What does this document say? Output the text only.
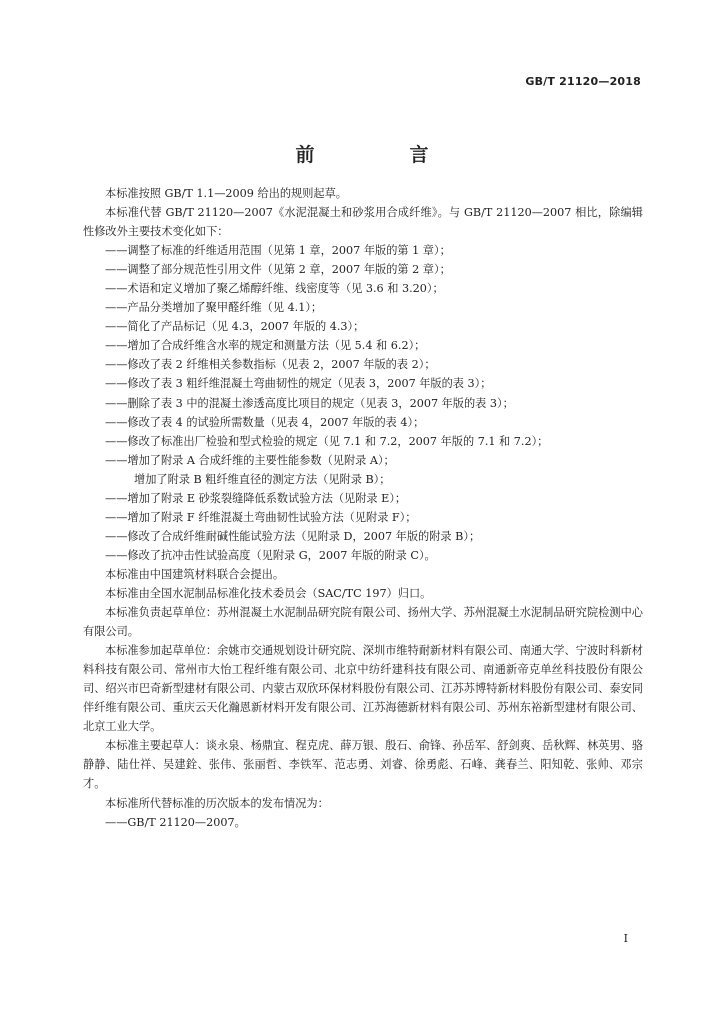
GB/T 21120—2018
前　言

本标准按照 GB/T 1.1—2009 给出的规则起草。

本标准代替 GB/T 21120—2007《水泥混凝土和砂浆用合成纤维》。与 GB/T 21120—2007 相比，除编辑性修改外主要技术变化如下：

——调整了标准的纤维适用范围（见第 1 章，2007 年版的第 1 章）；

——调整了部分规范性引用文件（见第 2 章，2007 年版的第 2 章）；

——术语和定义增加了聚乙烯醇纤维、线密度等（见 3.6 和 3.20）；

——产品分类增加了聚甲醛纤维（见 4.1）；

——简化了产品标记（见 4.3，2007 年版的 4.3）；

——增加了合成纤维含水率的规定和测量方法（见 5.4 和 6.2）；

——修改了表 2 纤维相关参数指标（见表 2，2007 年版的表 2）；

——修改了表 3 粗纤维混凝土弯曲韧性的规定（见表 3，2007 年版的表 3）；

——删除了表 3 中的混凝土渗透高度比项目的规定（见表 3，2007 年版的表 3）；

——修改了表 4 的试验所需数量（见表 4，2007 年版的表 4）；

——修改了标准出厂检验和型式检验的规定（见 7.1 和 7.2，2007 年版的 7.1 和 7.2）；

——增加了附录 A 合成纤维的主要性能参数（见附录 A）；

增加了附录 B 粗纤维直径的测定方法（见附录 B）；

——增加了附录 E 砂浆裂缝降低系数试验方法（见附录 E）；

——增加了附录 F 纤维混凝土弯曲韧性试验方法（见附录 F）；

——修改了合成纤维耐碱性能试验方法（见附录 D，2007 年版的附录 B）；

——修改了抗冲击性试验高度（见附录 G，2007 年版的附录 C）。

本标准由中国建筑材料联合会提出。

本标准由全国水泥制品标准化技术委员会（SAC/TC 197）归口。

本标准负责起草单位：苏州混凝土水泥制品研究院有限公司、扬州大学、苏州混凝土水泥制品研究院检测中心有限公司。

本标准参加起草单位：余姚市交通规划设计研究院、深圳市维特耐新材料有限公司、南通大学、宁波时科新材料科技有限公司、常州市大怡工程纤维有限公司、北京中纺纤建科技有限公司、南通新帝克单丝科技股份有限公司、绍兴市巴奇新型建材有限公司、内蒙古双欣环保材料股份有限公司、江苏苏博特新材料股份有限公司、泰安同伴纤维有限公司、重庆云天化瀚恩新材料开发有限公司、江苏海德新材料有限公司、苏州东裕新型建材有限公司、北京工业大学。

本标准主要起草人：谈永泉、杨鼎宜、程克虎、薛万银、殷石、俞锋、孙岳军、舒剑爽、岳秋辉、林英男、骆静静、陆仕祥、吴建銓、张伟、张丽哲、李铁军、范志勇、刘睿、徐勇彪、石峰、龚春兰、阳知乾、张帅、邓宗才。

本标准所代替标准的历次版本的发布情况为：

——GB/T 21120—2007。

I
